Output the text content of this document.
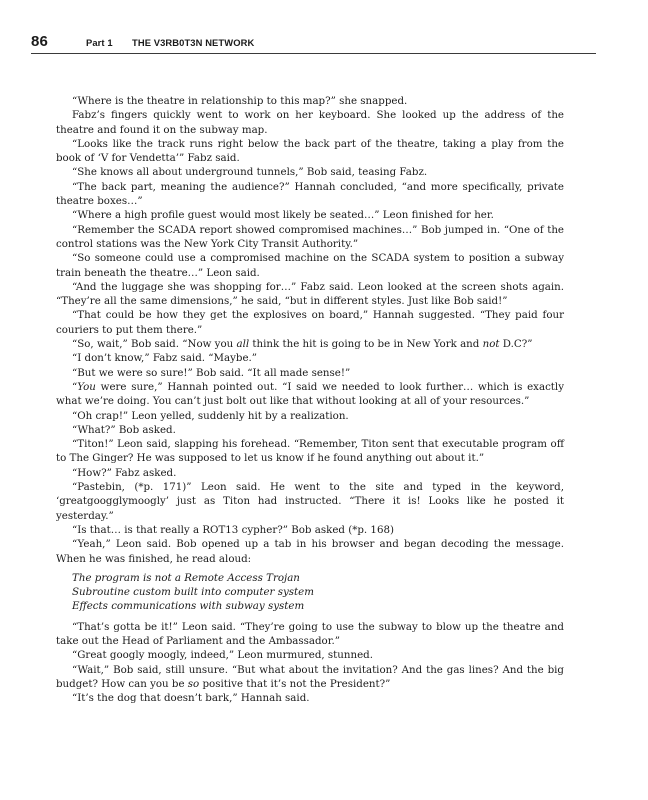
86	Part 1 THE V3RB0T3N NETWORK

“Where is the theatre in relationship to this map?” she snapped.

Fabz’s fingers quickly went to work on her keyboard. She looked up the address of the theatre and found it on the subway map.

“Looks like the track runs right below the back part of the theatre, taking a play from the book of ‘V for Vendetta’” Fabz said.

“She knows all about underground tunnels,” Bob said, teasing Fabz.

“The back part, meaning the audience?” Hannah concluded, “and more specifically, private theatre boxes…”

“Where a high profile guest would most likely be seated…” Leon finished for her.

“Remember the SCADA report showed compromised machines…” Bob jumped in. “One of the control stations was the New York City Transit Authority.”

“So someone could use a compromised machine on the SCADA system to position a subway train beneath the theatre…” Leon said.

“And the luggage she was shopping for…” Fabz said. Leon looked at the screen shots again. “They’re all the same dimensions,” he said, “but in different styles. Just like Bob said!”

“That could be how they get the explosives on board,” Hannah suggested. “They paid four couriers to put them there.”

“So, wait,” Bob said. “Now you all think the hit is going to be in New York and not D.C?”

“I don’t know,” Fabz said. “Maybe.”

“But we were so sure!” Bob said. “It all made sense!”

“You were sure,” Hannah pointed out. “I said we needed to look further… which is exactly what we’re doing. You can’t just bolt out like that without looking at all of your resources.”

“Oh crap!” Leon yelled, suddenly hit by a realization.

“What?” Bob asked.

“Titon!” Leon said, slapping his forehead. “Remember, Titon sent that executable program off to The Ginger? He was supposed to let us know if he found anything out about it.”

“How?” Fabz asked.

“Pastebin, (*p. 171)” Leon said. He went to the site and typed in the keyword, ‘greatgoogglymoogly’ just as Titon had instructed. “There it is! Looks like he posted it yesterday.”

“Is that… is that really a ROT13 cypher?” Bob asked (*p. 168)

“Yeah,” Leon said. Bob opened up a tab in his browser and began decoding the message. When he was finished, he read aloud:

The program is not a Remote Access Trojan
Subroutine custom built into computer system
Effects communications with subway system

“That’s gotta be it!” Leon said. “They’re going to use the subway to blow up the theatre and take out the Head of Parliament and the Ambassador.”

“Great googly moogly, indeed,” Leon murmured, stunned.

“Wait,” Bob said, still unsure. “But what about the invitation? And the gas lines? And the big budget? How can you be so positive that it’s not the President?”

“It’s the dog that doesn’t bark,” Hannah said.
